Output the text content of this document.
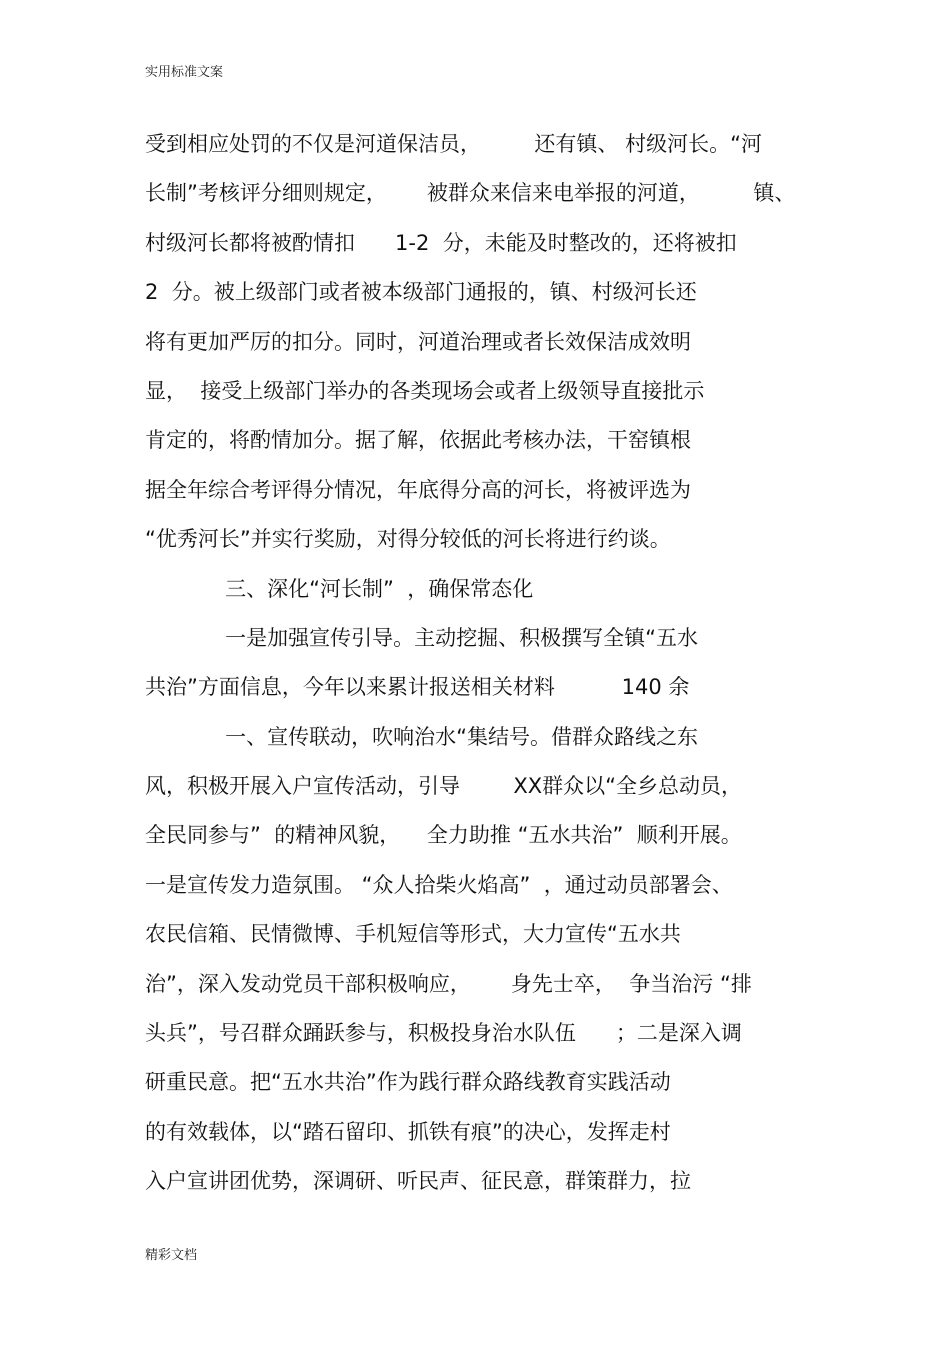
实用标准文案
受到相应处罚的不仅是河道保洁员，        还有镇、 村级河长。“河
长制”考核评分细则规定，      被群众来信来电举报的河道，        镇、
村级河长都将被酌情扣      1-2  分，未能及时整改的，还将被扣
2  分。被上级部门或者被本级部门通报的，镇、村级河长还
将有更加严厉的扣分。同时，河道治理或者长效保洁成效明
显，  接受上级部门举办的各类现场会或者上级领导直接批示
肯定的，将酌情加分。据了解，依据此考核办法，干窑镇根
据全年综合考评得分情况，年底得分高的河长，将被评选为
“优秀河长”并实行奖励，对得分较低的河长将进行约谈。
三、深化“河长制”  ，确保常态化
一是加强宣传引导。主动挖掘、积极撰写全镇“五水
共治”方面信息，今年以来累计报送相关材料          140 余
一、宣传联动，吹响治水“集结号。借群众路线之东
风，积极开展入户宣传活动，引导        XX群众以“全乡总动员，
全民同参与”  的精神风貌，    全力助推 “五水共治”  顺利开展。
一是宣传发力造氛围。 “众人拾柴火焰高”  ，通过动员部署会、
农民信箱、民情微博、手机短信等形式，大力宣传“五水共
治”，深入发动党员干部积极响应，      身先士卒，  争当治污 “排
头兵”，号召群众踊跃参与，积极投身治水队伍      ；二是深入调
研重民意。把“五水共治”作为践行群众路线教育实践活动
的有效载体，以“踏石留印、抓铁有痕”的决心，发挥走村
入户宣讲团优势，深调研、听民声、征民意，群策群力，拉
精彩文档
